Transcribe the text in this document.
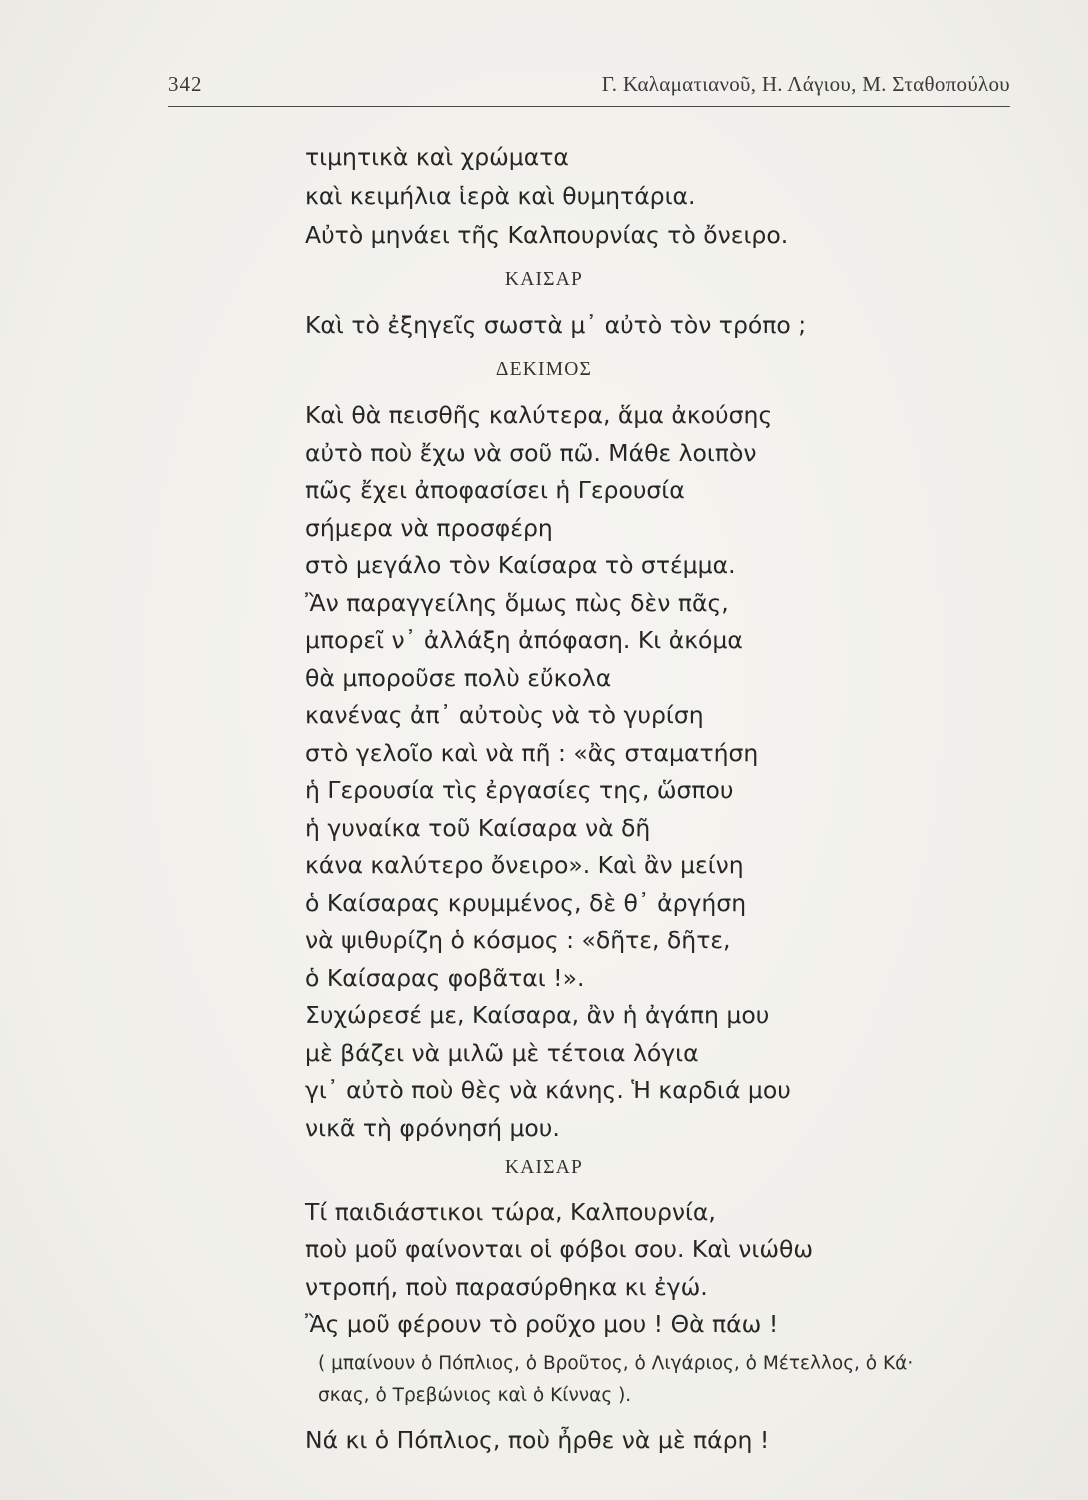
342	Γ. Καλαματιανοῦ, Η. Λάγιου, Μ. Σταθοπούλου
τιμητικὰ καὶ χρώματα
καὶ κειμήλια ἱερὰ καὶ θυμητάρια.
Αὐτὸ μηνάει τῆς Καλπουρνίας τὸ ὄνειρο.
ΚΑΙΣΑΡ
Καὶ τὸ ἐξηγεῖς σωστὰ μ᾿ αὐτὸ τὸν τρόπο ;
ΔΕΚΙΜΟΣ
Καὶ θὰ πεισθῆς καλύτερα, ἅμα ἀκούσης
αὐτὸ ποὺ ἔχω νὰ σοῦ πῶ. Μάθε λοιπὸν
πῶς ἔχει ἀποφασίσει ἡ Γερουσία
σήμερα νὰ προσφέρη
στὸ μεγάλο τὸν Καίσαρα τὸ στέμμα.
Ἂν παραγγείλης ὅμως πὼς δὲν πᾶς,
μπορεῖ ν᾿ ἀλλάξη ἀπόφαση. Κι ἀκόμα
θὰ μποροῦσε πολὺ εὔκολα
κανένας ἀπ᾿ αὐτοὺς νὰ τὸ γυρίση
στὸ γελοῖο καὶ νὰ πῆ : «ἂς σταματήση
ἡ Γερουσία τὶς ἐργασίες της, ὥσπου
ἡ γυναίκα τοῦ Καίσαρα νὰ δῆ
κάνα καλύτερο ὄνειρο». Καὶ ἂν μείνη
ὁ Καίσαρας κρυμμένος, δὲ θ᾿ ἀργήση
νὰ ψιθυρίζη ὁ κόσμος : «δῆτε, δῆτε,
ὁ Καίσαρας φοβᾶται !».
Συχώρεσέ με, Καίσαρα, ἂν ἡ ἀγάπη μου
μὲ βάζει νὰ μιλῶ μὲ τέτοια λόγια
γι᾿ αὐτὸ ποὺ θὲς νὰ κάνης. Ἡ καρδιά μου
νικᾶ τὴ φρόνησή μου.
ΚΑΙΣΑΡ
Τί παιδιάστικοι τώρα, Καλπουρνία,
ποὺ μοῦ φαίνονται οἱ φόβοι σου. Καὶ νιώθω
ντροπή, ποὺ παρασύρθηκα κι ἐγώ.
Ἂς μοῦ φέρουν τὸ ροῦχο μου ! Θὰ πάω !
( μπαίνουν ὁ Πόπλιος, ὁ Βροῦτος, ὁ Λιγάριος, ὁ Μέτελλος, ὁ Κά·
σκας, ὁ Τρεβώνιος καὶ ὁ Κίννας ).
Νά κι ὁ Πόπλιος, ποὺ ἦρθε νὰ μὲ πάρη !
